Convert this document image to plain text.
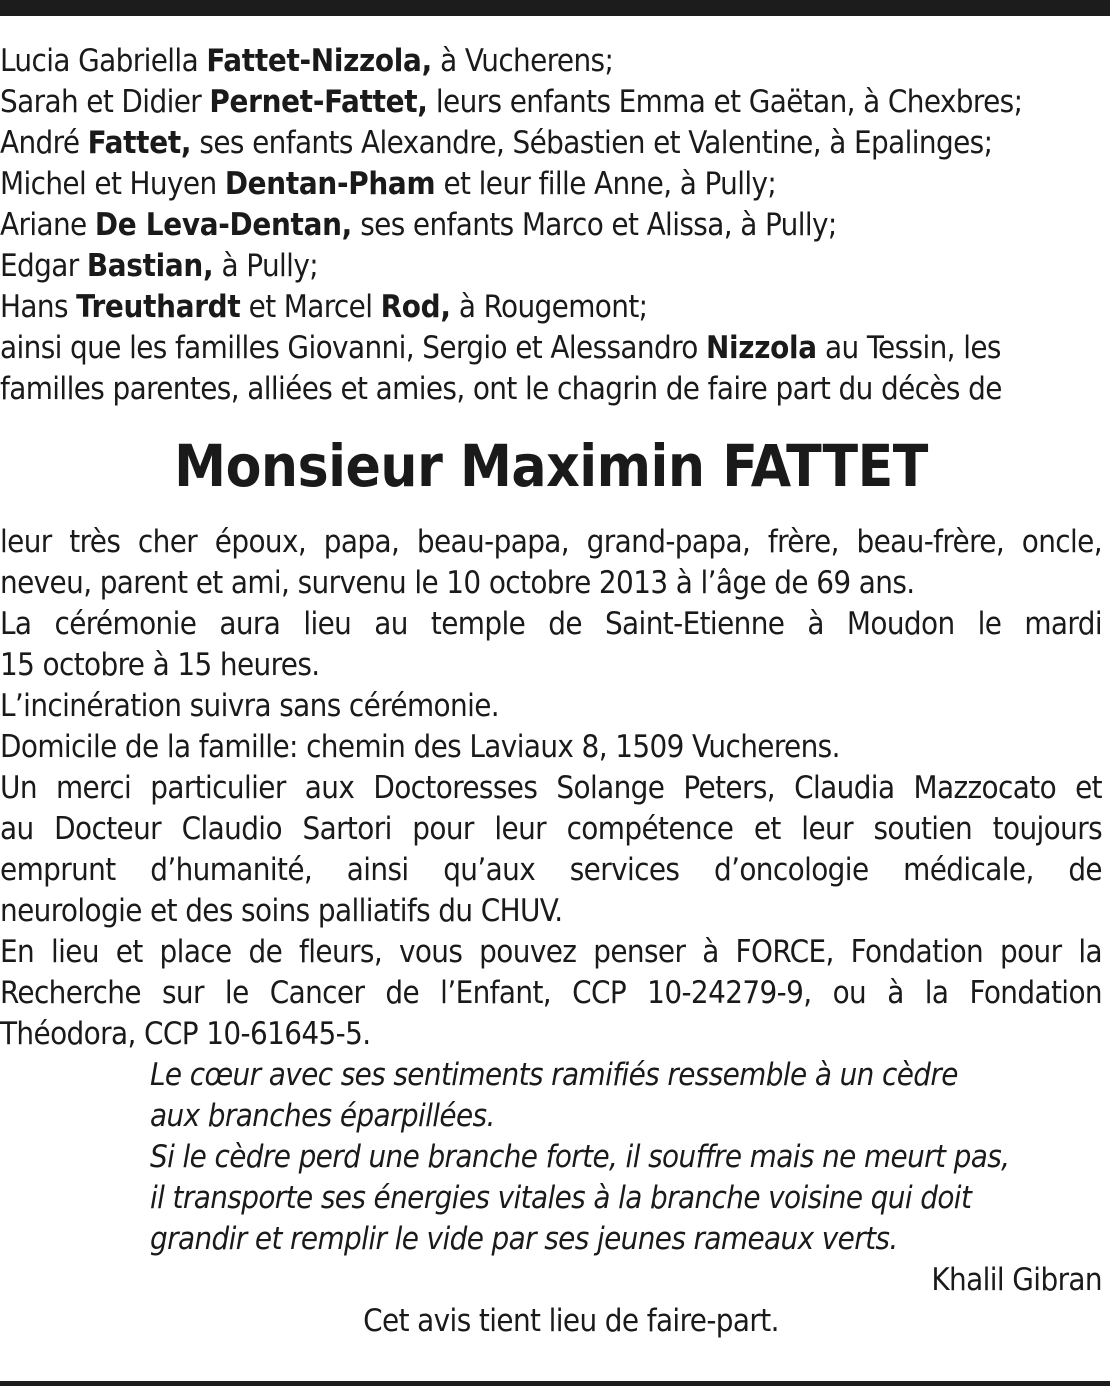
Lucia Gabriella Fattet-Nizzola, à Vucherens;
Sarah et Didier Pernet-Fattet, leurs enfants Emma et Gaëtan, à Chexbres;
André Fattet, ses enfants Alexandre, Sébastien et Valentine, à Epalinges;
Michel et Huyen Dentan-Pham et leur fille Anne, à Pully;
Ariane De Leva-Dentan, ses enfants Marco et Alissa, à Pully;
Edgar Bastian, à Pully;
Hans Treuthardt et Marcel Rod, à Rougemont;
ainsi que les familles Giovanni, Sergio et Alessandro Nizzola au Tessin, les
familles parentes, alliées et amies, ont le chagrin de faire part du décès de
Monsieur Maximin FATTET
leur très cher époux, papa, beau-papa, grand-papa, frère, beau-frère, oncle,
neveu, parent et ami, survenu le 10 octobre 2013 à l’âge de 69 ans.
La cérémonie aura lieu au temple de Saint-Etienne à Moudon le mardi
15 octobre à 15 heures.
L’incinération suivra sans cérémonie.
Domicile de la famille: chemin des Laviaux 8, 1509 Vucherens.
Un merci particulier aux Doctoresses Solange Peters, Claudia Mazzocato et
au Docteur Claudio Sartori pour leur compétence et leur soutien toujours
emprunt d’humanité, ainsi qu’aux services d’oncologie médicale, de
neurologie et des soins palliatifs du CHUV.
En lieu et place de fleurs, vous pouvez penser à FORCE, Fondation pour la
Recherche sur le Cancer de l’Enfant, CCP 10-24279-9, ou à la Fondation
Théodora, CCP 10-61645-5.
Le cœur avec ses sentiments ramifiés ressemble à un cèdre
aux branches éparpillées.
Si le cèdre perd une branche forte, il souffre mais ne meurt pas,
il transporte ses énergies vitales à la branche voisine qui doit
grandir et remplir le vide par ses jeunes rameaux verts.
Khalil Gibran
Cet avis tient lieu de faire-part.
